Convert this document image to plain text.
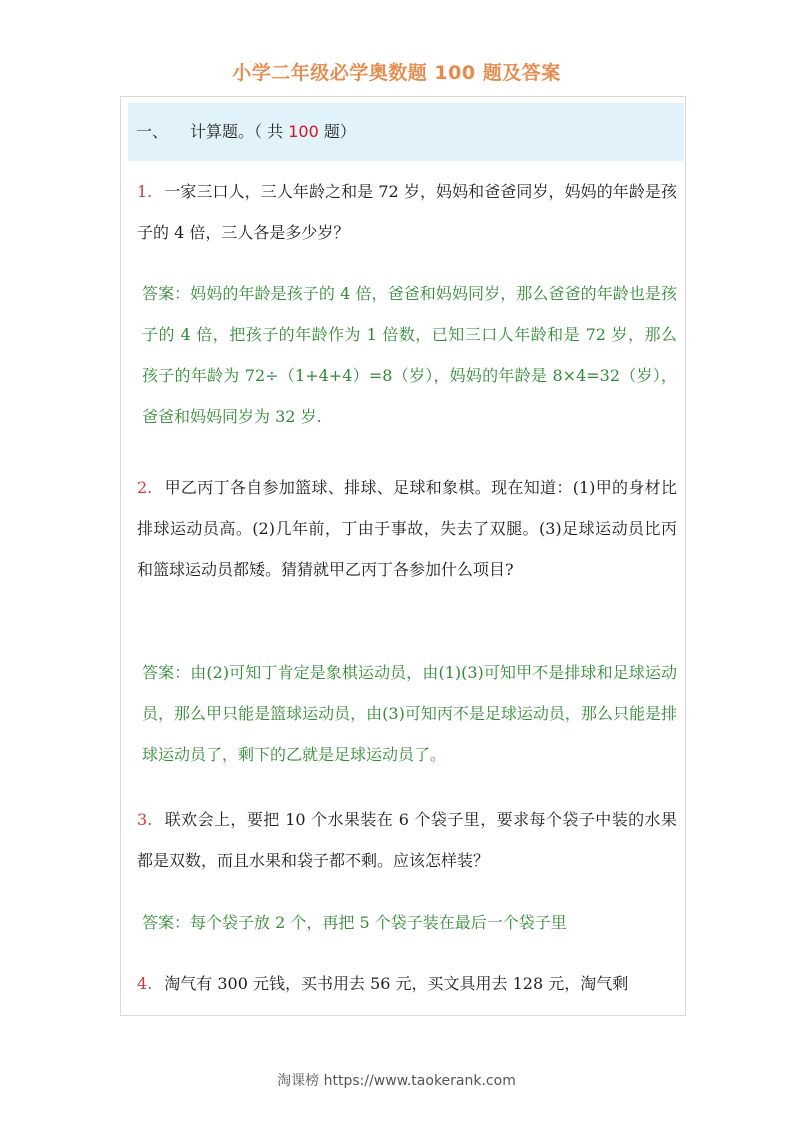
小学二年级必学奥数题 100 题及答案
一、 计算题。（ 共 100 题）
1. 一家三口人，三人年龄之和是 72 岁，妈妈和爸爸同岁，妈妈的年龄是孩子的 4 倍，三人各是多少岁？
答案：妈妈的年龄是孩子的 4 倍，爸爸和妈妈同岁，那么爸爸的年龄也是孩子的 4 倍，把孩子的年龄作为 1 倍数，已知三口人年龄和是 72 岁，那么孩子的年龄为 72÷（1+4+4）=8（岁），妈妈的年龄是 8×4=32（岁），爸爸和妈妈同岁为 32 岁.
2. 甲乙丙丁各自参加篮球、排球、足球和象棋。现在知道：(1)甲的身材比排球运动员高。(2)几年前，丁由于事故，失去了双腿。(3)足球运动员比丙和篮球运动员都矮。猜猜就甲乙丙丁各参加什么项目?
答案：由(2)可知丁肯定是象棋运动员，由(1)(3)可知甲不是排球和足球运动员，那么甲只能是篮球运动员，由(3)可知丙不是足球运动员，那么只能是排球运动员了，剩下的乙就是足球运动员了。
3. 联欢会上，要把 10 个水果装在 6 个袋子里，要求每个袋子中装的水果都是双数，而且水果和袋子都不剩。应该怎样装？
答案：每个袋子放 2 个，再把 5 个袋子装在最后一个袋子里
4. 淘气有 300 元钱，买书用去 56 元，买文具用去 128 元，淘气剩
淘课榜 https://www.taokerank.com
